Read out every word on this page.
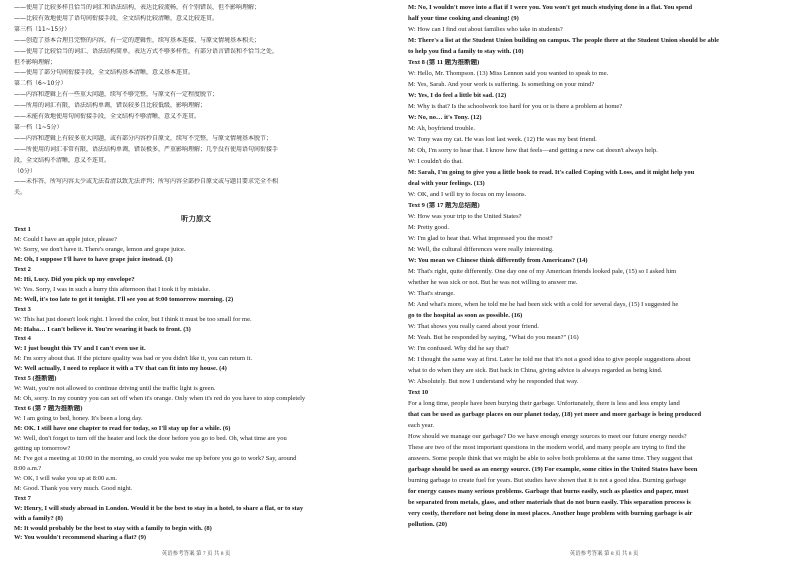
——使用了比较多样且恰当的词汇和语法结构，表达比较流畅，有个别错误，但不影响理解；
——比较有效地使用了语句间衔接手段，全文结构比较清晰，意义比较连贯。
第三档（11~15分）
——创造了基本合理且完整的内容，有一定的逻辑性，续写基本连接、与原文情境基本相关；
——使用了比较恰当的词汇、语法结构简单，表达方式不够多样性，有部分语言错误和不恰当之处，
但不影响理解；
——使用了部分句间衔接手段，全文结构基本清晰，意义基本连贯。
第二档（6~10分）
——内容和逻辑上有一些重大问题，续写不够完整，与原文有一定程度脱节；
——所用的词汇有限，语法结构单调，错误较多且比较低级，影响理解；
——未能有效地使用句间衔接手段，全文结构不够清晰，意义不连贯。
第一档（1~5分）
——内容和逻辑上有较多重大问题，或有部分内容抄自原文，续写不完整，与原文情境基本脱节；
——所使用的词汇非常有限，语法结构单调，错误极多，严重影响理解；几乎没有使用语句间衔接手
段，全文结构不清晰，意义不连贯。
（0分）
——未作答，所写内容太少或无法看清以致无法评判；所写内容全部抄自原文或与题目要求完全不相
关。
听力原文
Text 1
M: Could I have an apple juice, please?
W: Sorry, we don't have it. There's orange, lemon and grape juice.
M: Oh, I suppose I'll have to have grape juice instead. (1)
Text 2
M: Hi, Lucy. Did you pick up my envelope?
W: Yes. Sorry, I was in such a hurry this afternoon that I took it by mistake.
M: Well, it's too late to get it tonight. I'll see you at 9:00 tomorrow morning. (2)
Text 3
W: This hat just doesn't look right. I loved the color, but I think it must be too small for me.
M: Haha… I can't believe it. You're wearing it back to front. (3)
Text 4
W: I just bought this TV and I can't even use it.
M: I'm sorry about that. If the picture quality was bad or you didn't like it, you can return it.
W: Well actually, I need to replace it with a TV that can fit into my house. (4)
Text 5 (推断题)
W: Wait, you're not allowed to continue driving until the traffic light is green.
M: Oh, sorry. In my country you can set off when it's orange. Only when it's red do you have to stop completely
Text 6 (第 7 题为推断题)
W: I am going to bed, honey. It's been a long day.
M: OK. I still have one chapter to read for today, so I'll stay up for a while. (6)
W: Well, don't forget to turn off the heater and lock the door before you go to bed. Oh, what time are you
getting up tomorrow?
M: I've got a meeting at 10:00 in the morning, so could you wake me up before you go to work? Say, around
8:00 a.m.?
W: OK, I will wake you up at 8:00 a.m.
M: Good. Thank you very much. Good night.
Text 7
W: Henry, I will study abroad in London. Would it be the best to stay in a hotel, to share a flat, or to stay
with a family? (8)
M: It would probably be the best to stay with a family to begin with. (8)
W: You wouldn't recommend sharing a flat? (9)
英语参考答案 第 7 页 共 8 页
M: No, I wouldn't move into a flat if I were you. You won't get much studying done in a flat. You spend
half your time cooking and cleaning! (9)
W: How can I find out about families who take in students?
M: There's a list at the Student Union building on campus. The people there at the Student Union should be able
to help you find a family to stay with. (10)
Text 8 (第 11 题为推断题)
W: Hello, Mr. Thompson. (13) Miss Lennon said you wanted to speak to me.
M: Yes, Sarah. And your work is suffering. Is something on your mind?
W: Yes, I do feel a little bit sad. (12)
M: Why is that? Is the schoolwork too hard for you or is there a problem at home?
W: No, no… it's Tony. (12)
M: Ah, boyfriend trouble.
W: Tony was my cat. He was lost last week. (12) He was my best friend.
M: Oh, I'm sorry to hear that. I know how that feels—and getting a new cat doesn't always help.
W: I couldn't do that.
M: Sarah, I'm going to give you a little book to read. It's called Coping with Loss, and it might help you
deal with your feelings. (13)
W: OK, and I will try to focus on my lessons.
Text 9 (第 17 题为总结题)
W: How was your trip to the United States?
M: Pretty good.
W: I'm glad to hear that. What impressed you the most?
M: Well, the cultural differences were really interesting.
W: You mean we Chinese think differently from Americans? (14)
M: That's right, quite differently. One day one of my American friends looked pale, (15) so I asked him
whether he was sick or not. But he was not willing to answer me.
W: That's strange.
M: And what's more, when he told me he had been sick with a cold for several days, (15) I suggested he
go to the hospital as soon as possible. (16)
W: That shows you really cared about your friend.
M: Yeah. But he responded by saying, "What do you mean?" (16)
W: I'm confused. Why did he say that?
M: I thought the same way at first. Later he told me that it's not a good idea to give people suggestions about
what to do when they are sick. But back in China, giving advice is always regarded as being kind.
W: Absolutely. But now I understand why he responded that way.
Text 10
For a long time, people have been burying their garbage. Unfortunately, there is less and less empty land
that can be used as garbage places on our planet today, (18) yet more and more garbage is being produced
each year.
How should we manage our garbage? Do we have enough energy sources to meet our future energy needs?
These are two of the most important questions in the modern world, and many people are trying to find the
answers. Some people think that we might be able to solve both problems at the same time. They suggest that
garbage should be used as an energy source. (19) For example, some cities in the United States have been
burning garbage to create fuel for years. But studies have shown that it is not a good idea. Burning garbage
for energy causes many serious problems. Garbage that burns easily, such as plastics and paper, must
be separated from metals, glass, and other materials that do not burn easily. This separation process is
very costly, therefore not being done in most places. Another huge problem with burning garbage is air
pollution. (20)
英语参考答案 第 8 页 共 8 页
